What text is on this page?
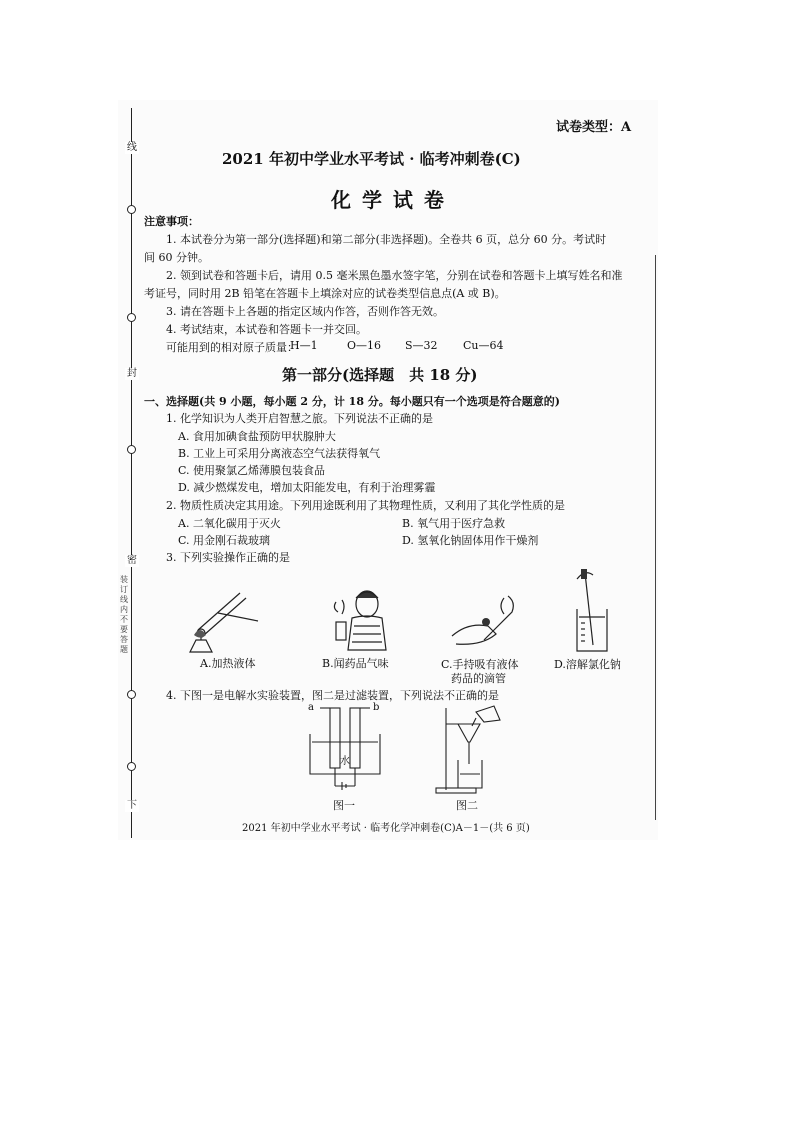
线
封
装订线内不要答题
密
下
试卷类型：A
2021 年初中学业水平考试 · 临考冲刺卷(C)
化 学 试 卷
注意事项：
1. 本试卷分为第一部分(选择题)和第二部分(非选择题)。全卷共 6 页，总分 60 分。考试时
间 60 分钟。
2. 领到试卷和答题卡后，请用 0.5 毫米黑色墨水签字笔，分别在试卷和答题卡上填写姓名和准
考证号，同时用 2B 铅笔在答题卡上填涂对应的试卷类型信息点(A 或 B)。
3. 请在答题卡上各题的指定区域内作答，否则作答无效。
4. 考试结束，本试卷和答题卡一并交回。
可能用到的相对原子质量：
H—1	O—16 S—32 Cu—64
第一部分(选择题　共 18 分)
一、选择题(共 9 小题，每小题 2 分，计 18 分。每小题只有一个选项是符合题意的)
1. 化学知识为人类开启智慧之旅。下列说法不正确的是
A. 食用加碘食盐预防甲状腺肿大
B. 工业上可采用分离液态空气法获得氧气
C. 使用聚氯乙烯薄膜包装食品
D. 减少燃煤发电，增加太阳能发电，有利于治理雾霾
2. 物质性质决定其用途。下列用途既利用了其物理性质，又利用了其化学性质的是
A. 二氧化碳用于灭火	B. 氧气用于医疗急救
C. 用金刚石裁玻璃	D. 氢氧化钠固体用作干燥剂
3. 下列实验操作正确的是
A.加热液体	B.闻药品气味	C.手持吸有液体
药品的滴管
D.溶解氯化钠
4. 下图一是电解水实验装置，图二是过滤装置，下列说法不正确的是
a	b
水
图一	图二
2021 年初中学业水平考试 · 临考化学冲刺卷(C)A－1－(共 6 页)
